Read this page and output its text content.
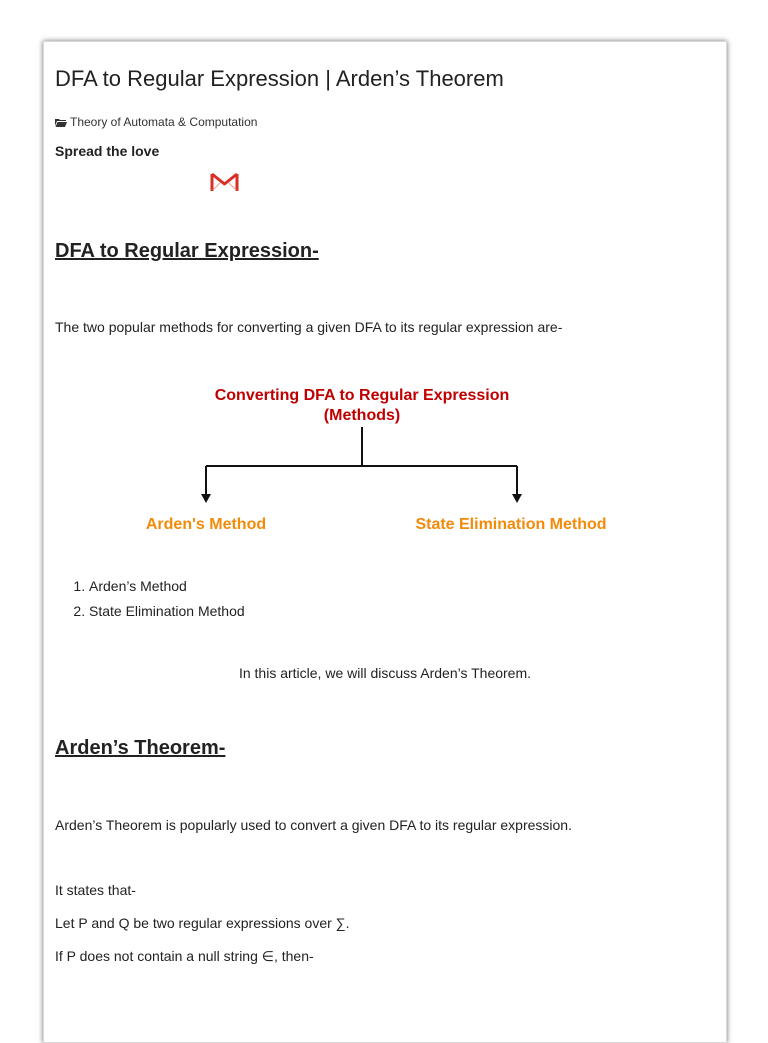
DFA to Regular Expression | Arden’s Theorem
Theory of Automata & Computation
Spread the love
DFA to Regular Expression-

The two popular methods for converting a given DFA to its regular expression are-

Converting DFA to Regular Expression
(Methods)
Arden's Method	State Elimination Method
1. Arden’s Method
2. State Elimination Method

In this article, we will discuss Arden’s Theorem.

Arden’s Theorem-

Arden’s Theorem is popularly used to convert a given DFA to its regular expression.

It states that-

Let P and Q be two regular expressions over ∑.

If P does not contain a null string ∈, then-
